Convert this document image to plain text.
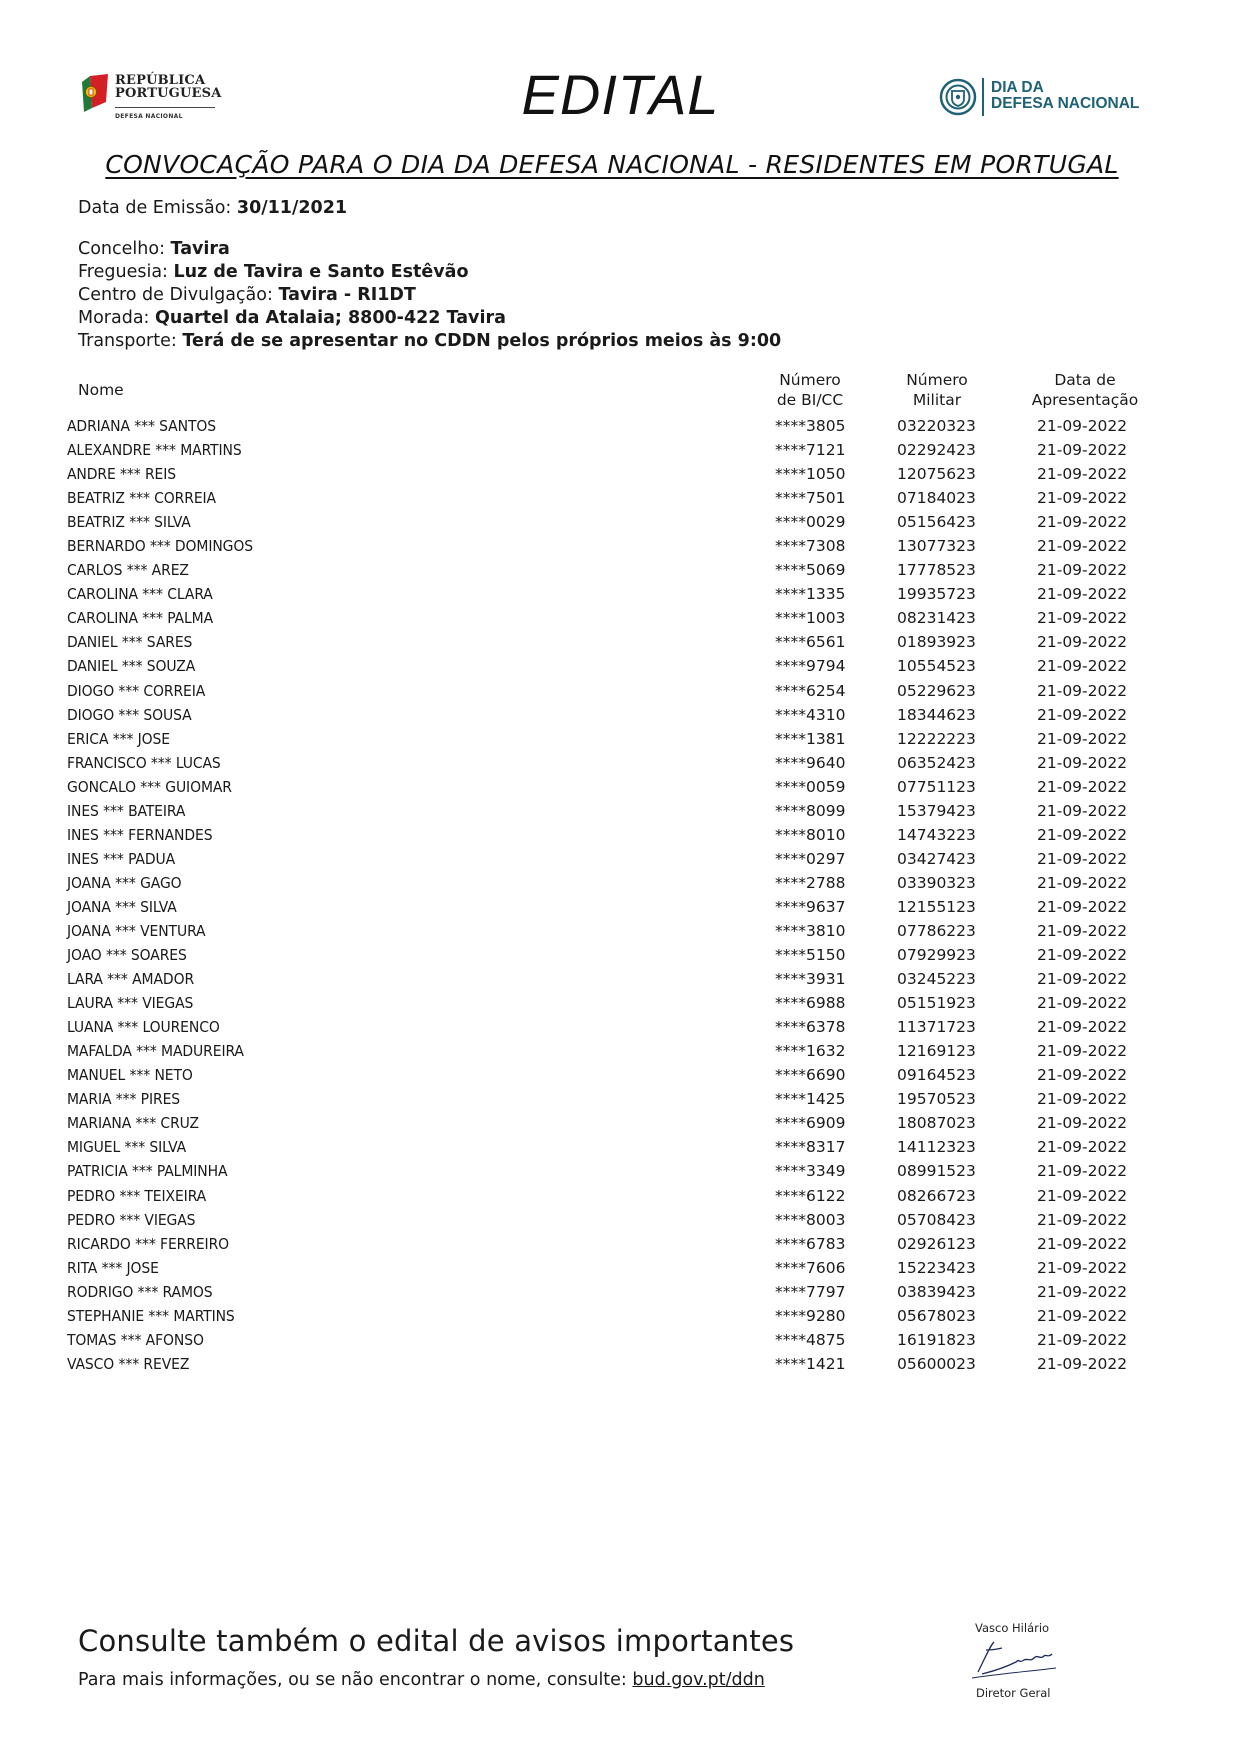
REPÚBLICA
PORTUGUESA
DEFESA NACIONAL	EDITAL	DIA DA
DEFESA NACIONAL
CONVOCAÇÃO PARA O DIA DA DEFESA NACIONAL - RESIDENTES EM PORTUGAL
Data de Emissão: 30/11/2021
Concelho: Tavira
Freguesia: Luz de Tavira e Santo Estêvão
Centro de Divulgação: Tavira - RI1DT
Morada: Quartel da Atalaia; 8800-422 Tavira
Transporte: Terá de se apresentar no CDDN pelos próprios meios às 9:00
Nome
Número
de BI/CC
Número
Militar
Data de
Apresentação
ADRIANA *** SANTOS	****3805	03220323	21-09-2022
ALEXANDRE *** MARTINS	****7121	02292423	21-09-2022
ANDRE *** REIS	****1050	12075623	21-09-2022
BEATRIZ *** CORREIA	****7501	07184023	21-09-2022
BEATRIZ *** SILVA	****0029	05156423	21-09-2022
BERNARDO *** DOMINGOS	****7308	13077323	21-09-2022
CARLOS *** AREZ	****5069	17778523	21-09-2022
CAROLINA *** CLARA	****1335	19935723	21-09-2022
CAROLINA *** PALMA	****1003	08231423	21-09-2022
DANIEL *** SARES	****6561	01893923	21-09-2022
DANIEL *** SOUZA	****9794	10554523	21-09-2022
DIOGO *** CORREIA	****6254	05229623	21-09-2022
DIOGO *** SOUSA	****4310	18344623	21-09-2022
ERICA *** JOSE	****1381	12222223	21-09-2022
FRANCISCO *** LUCAS	****9640	06352423	21-09-2022
GONCALO *** GUIOMAR	****0059	07751123	21-09-2022
INES *** BATEIRA	****8099	15379423	21-09-2022
INES *** FERNANDES	****8010	14743223	21-09-2022
INES *** PADUA	****0297	03427423	21-09-2022
JOANA *** GAGO	****2788	03390323	21-09-2022
JOANA *** SILVA	****9637	12155123	21-09-2022
JOANA *** VENTURA	****3810	07786223	21-09-2022
JOAO *** SOARES	****5150	07929923	21-09-2022
LARA *** AMADOR	****3931	03245223	21-09-2022
LAURA *** VIEGAS	****6988	05151923	21-09-2022
LUANA *** LOURENCO	****6378	11371723	21-09-2022
MAFALDA *** MADUREIRA	****1632	12169123	21-09-2022
MANUEL *** NETO	****6690	09164523	21-09-2022
MARIA *** PIRES	****1425	19570523	21-09-2022
MARIANA *** CRUZ	****6909	18087023	21-09-2022
MIGUEL *** SILVA	****8317	14112323	21-09-2022
PATRICIA *** PALMINHA	****3349	08991523	21-09-2022
PEDRO *** TEIXEIRA	****6122	08266723	21-09-2022
PEDRO *** VIEGAS	****8003	05708423	21-09-2022
RICARDO *** FERREIRO	****6783	02926123	21-09-2022
RITA *** JOSE	****7606	15223423	21-09-2022
RODRIGO *** RAMOS	****7797	03839423	21-09-2022
STEPHANIE *** MARTINS	****9280	05678023	21-09-2022
TOMAS *** AFONSO	****4875	16191823	21-09-2022
VASCO *** REVEZ	****1421	05600023	21-09-2022
Consulte também o edital de avisos importantes
Para mais informações, ou se não encontrar o nome, consulte: bud.gov.pt/ddn
Vasco Hilário
Diretor Geral
